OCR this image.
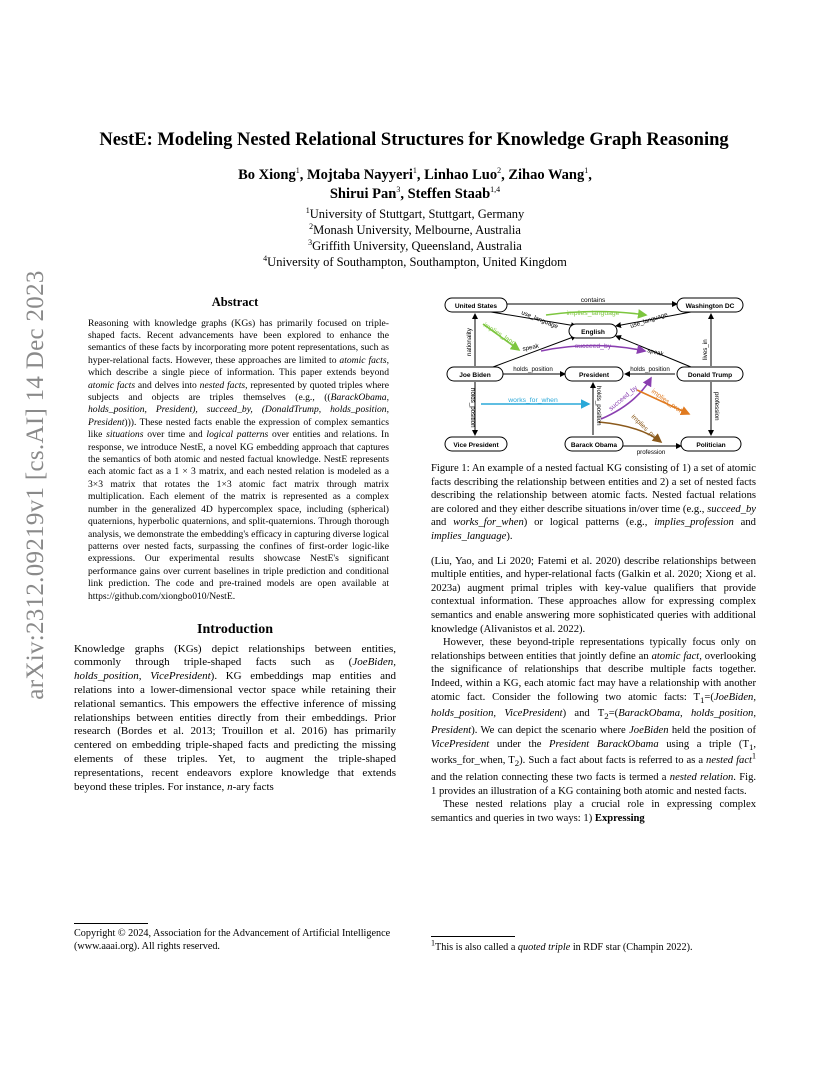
arXiv:2312.09219v1 [cs.AI] 14 Dec 2023
NestE: Modeling Nested Relational Structures for Knowledge Graph Reasoning
Bo Xiong$^1$, Mojtaba Nayyeri$^1$, Linhao Luo$^2$, Zihao Wang$^1$,
Shirui Pan$^3$, Steffen Staab$^{1,4}$
$^1$University of Stuttgart, Stuttgart, Germany
$^2$Monash University, Melbourne, Australia
$^3$Griffith University, Queensland, Australia
$^4$University of Southampton, Southampton, United Kingdom
Abstract

Reasoning with knowledge graphs (KGs) has primarily focused on triple-shaped facts. Recent advancements have been explored to enhance the semantics of these facts by incorporating more potent representations, such as hyper-relational facts. However, these approaches are limited to atomic facts, which describe a single piece of information. This paper extends beyond atomic facts and delves into nested facts, represented by quoted triples where subjects and objects are triples themselves (e.g., ((BarackObama, holds_position, President), succeed_by, (DonaldTrump, holds_position, President))). These nested facts enable the expression of complex semantics like situations over time and logical patterns over entities and relations. In response, we introduce NestE, a novel KG embedding approach that captures the semantics of both atomic and nested factual knowledge. NestE represents each atomic fact as a 1 × 3 matrix, and each nested relation is modeled as a 3×3 matrix that rotates the 1×3 atomic fact matrix through matrix multiplication. Each element of the matrix is represented as a complex number in the generalized 4D hypercomplex space, including (spherical) quaternions, hyperbolic quaternions, and split-quaternions. Through thorough analysis, we demonstrate the embedding's efficacy in capturing diverse logical patterns over nested facts, surpassing the confines of first-order logic-like expressions. Our experimental results showcase NestE's significant performance gains over current baselines in triple prediction and conditional link prediction. The code and pre-trained models are open available at https://github.com/xiongbo010/NestE.

Introduction

Knowledge graphs (KGs) depict relationships between entities, commonly through triple-shaped facts such as (JoeBiden, holds_position, VicePresident). KG embeddings map entities and relations into a lower-dimensional vector space while retaining their relational semantics. This empowers the effective inference of missing relationships between entities directly from their embeddings. Prior research (Bordes et al. 2013; Trouillon et al. 2016) has primarily centered on embedding triple-shaped facts and predicting the missing elements of these triples. Yet, to augment the triple-shaped representations, recent endeavors explore knowledge that extends beyond these triples. For instance, n-ary facts

Copyright © 2024, Association for the Advancement of Artificial Intelligence (www.aaai.org). All rights reserved.
United States	Washington DC
English
Joe Biden	President	Donald Trump
Vice President	Barack Obama	Politician
contains
use_language	use_language
implies_language
implies_lang
nationality	succeed_by
speak	speak	lives_in
holds_position	holds_position
holds_position	holds_position
works_for_when	succeed_by implies_prof
implies_prof
profession
profession

Figure 1: An example of a nested factual KG consisting of 1) a set of atomic facts describing the relationship between entities and 2) a set of nested facts describing the relationship between atomic facts. Nested factual relations are colored and they either describe situations in/over time (e.g., succeed_by and works_for_when) or logical patterns (e.g., implies_profession and implies_language).

(Liu, Yao, and Li 2020; Fatemi et al. 2020) describe relationships between multiple entities, and hyper-relational facts (Galkin et al. 2020; Xiong et al. 2023a) augment primal triples with key-value qualifiers that provide contextual information. These approaches allow for expressing complex semantics and enable answering more sophisticated queries with additional knowledge (Alivanistos et al. 2022).

However, these beyond-triple representations typically focus only on relationships between entities that jointly define an atomic fact, overlooking the significance of relationships that describe multiple facts together. Indeed, within a KG, each atomic fact may have a relationship with another atomic fact. Consider the following two atomic facts: $T_1=(JoeBiden$, holds_position, VicePresident) and $T_2=(BarackObama$, holds_position, President). We can depict the scenario where JoeBiden held the position of VicePresident under the President BarackObama using a triple ($T_1$, works_for_when, $T_2$). Such a fact about facts is referred to as a nested fact$^1$ and the relation connecting these two facts is termed a nested relation. Fig. 1 provides an illustration of a KG containing both atomic and nested facts.

These nested relations play a crucial role in expressing complex semantics and queries in two ways: 1) Expressing

$^1$This is also called a quoted triple in RDF star (Champin 2022).
